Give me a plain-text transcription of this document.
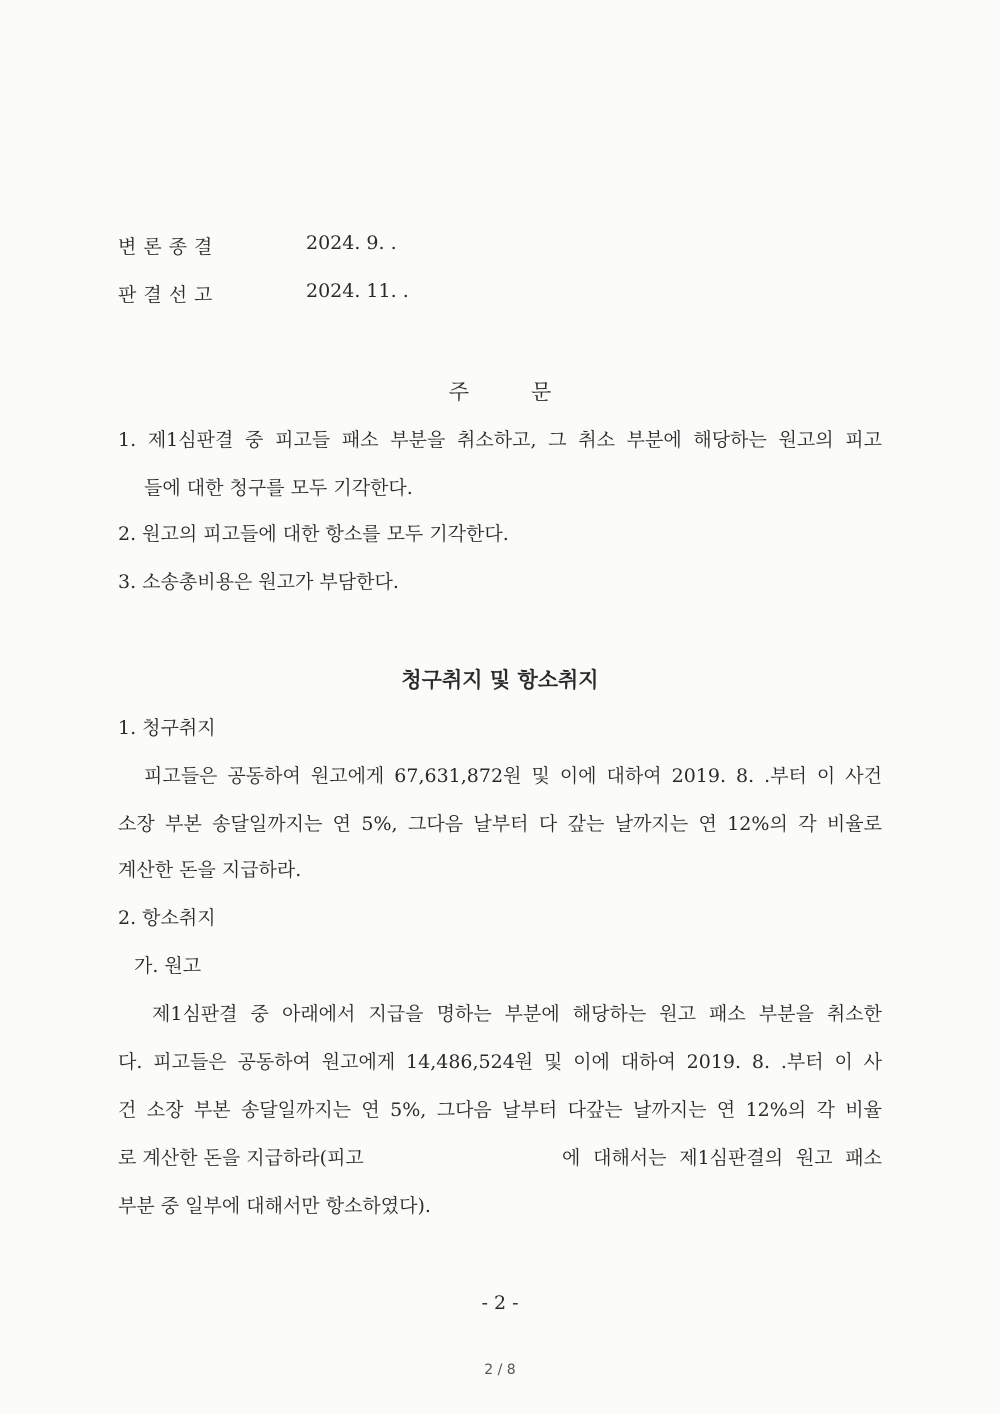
변론종결	2024. 9. .
판결선고	2024. 11. .
주문
1. 제1심판결 중 피고들 패소 부분을 취소하고, 그 취소 부분에 해당하는 원고의 피고
들에 대한 청구를 모두 기각한다.
2. 원고의 피고들에 대한 항소를 모두 기각한다.
3. 소송총비용은 원고가 부담한다.
청구취지 및 항소취지
1. 청구취지
피고들은 공동하여 원고에게 67,631,872원 및 이에 대하여 2019. 8. .부터 이 사건
소장 부본 송달일까지는 연 5%, 그다음 날부터 다 갚는 날까지는 연 12%의 각 비율로
계산한 돈을 지급하라.
2. 항소취지
가. 원고
제1심판결 중 아래에서 지급을 명하는 부분에 해당하는 원고 패소 부분을 취소한
다. 피고들은 공동하여 원고에게 14,486,524원 및 이에 대하여 2019. 8. .부터 이 사
건 소장 부본 송달일까지는 연 5%, 그다음 날부터 다갚는 날까지는 연 12%의 각 비율
로 계산한 돈을 지급하라(피고	에 대해서는 제1심판결의 원고 패소
부분 중 일부에 대해서만 항소하였다).
- 2 -
2 / 8
